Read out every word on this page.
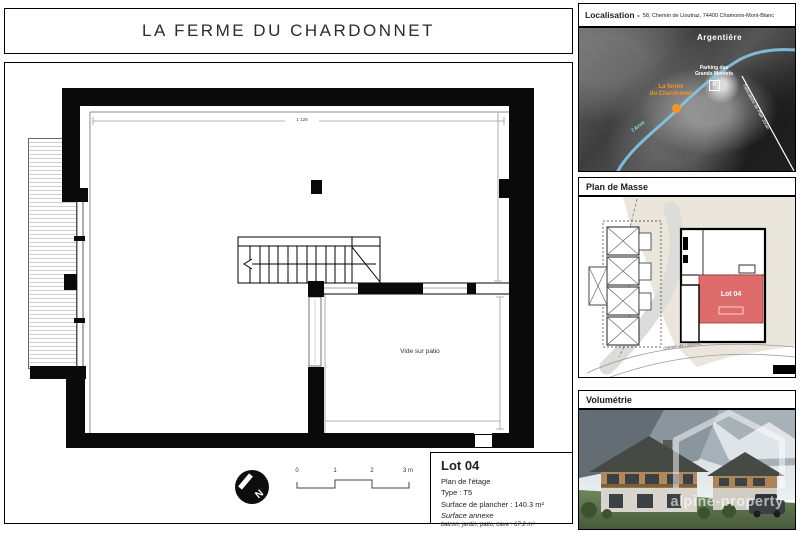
LA FERME DU CHARDONNET
1 129
Vide sur patio
N
0	1	2	3 m	Lot 04
Plan de l'étage
Type : T5
Surface de plancher : 140.3 m²
Surface annexe
balcon, jardin, patio, cave : 67.2 m²
Localisation - 58, Chemin de Lioutraz, 74400 Chamonix-Mont-Blanc
Argentière
Parking des
Grands Montets
P
La ferme
du Chardonnet
l'Arve	Télécabine de Plan Joran
Plan de Masse
Lot 04
chemin de Lioutraz
Volumétrie
alpine-property
